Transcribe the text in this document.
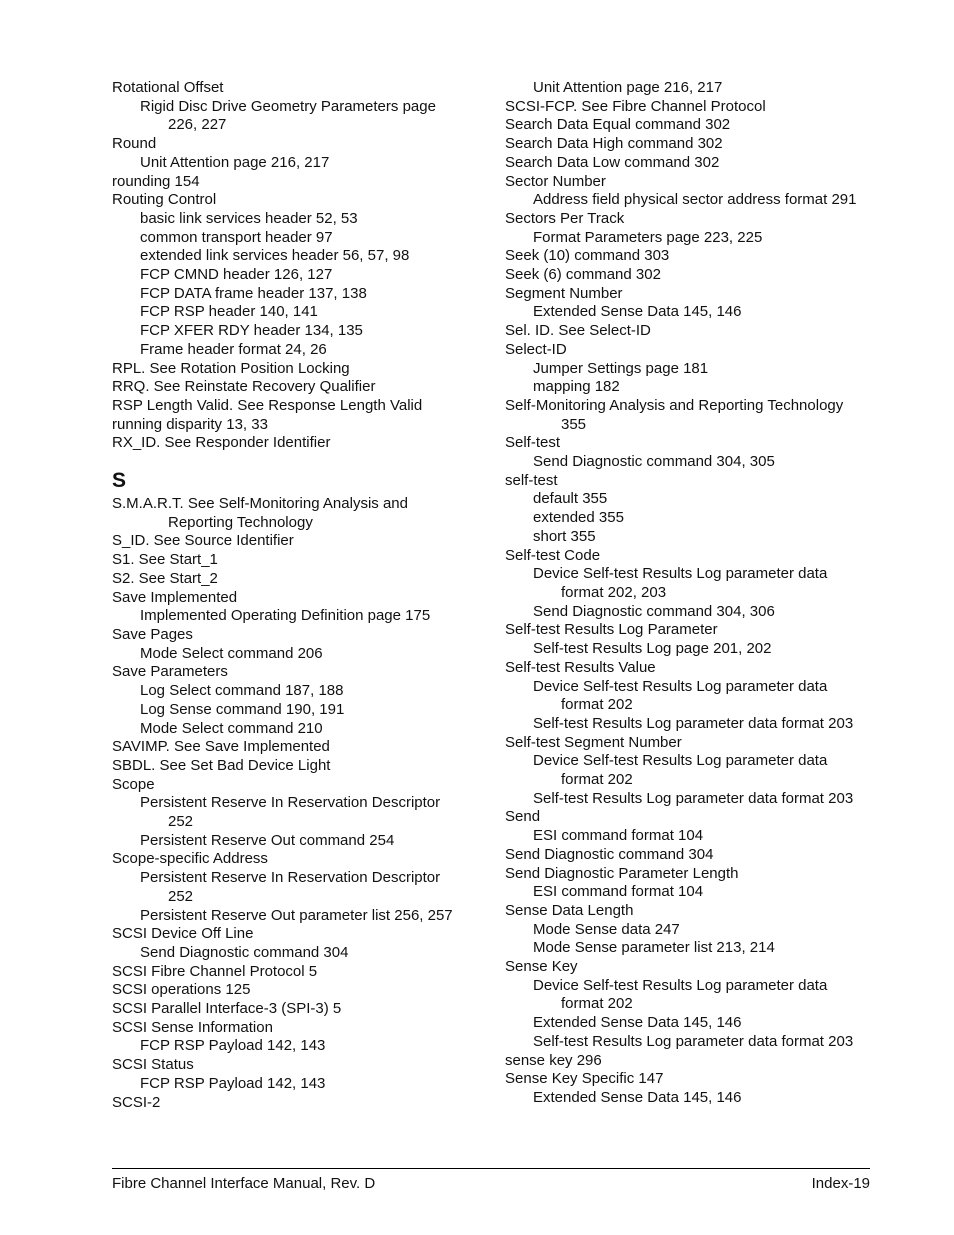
Rotational Offset
Rigid Disc Drive Geometry Parameters page
226, 227
Round
Unit Attention page 216, 217
rounding 154
Routing Control
basic link services header 52, 53
common transport header 97
extended link services header 56, 57, 98
FCP CMND header 126, 127
FCP DATA frame header 137, 138
FCP RSP header 140, 141
FCP XFER RDY header 134, 135
Frame header format 24, 26
RPL. See Rotation Position Locking
RRQ. See Reinstate Recovery Qualifier
RSP Length Valid. See Response Length Valid
running disparity 13, 33
RX_ID. See Responder Identifier
S
S.M.A.R.T. See Self-Monitoring Analysis and
Reporting Technology
S_ID. See Source Identifier
S1. See Start_1
S2. See Start_2
Save Implemented
Implemented Operating Definition page 175
Save Pages
Mode Select command 206
Save Parameters
Log Select command 187, 188
Log Sense command 190, 191
Mode Select command 210
SAVIMP. See Save Implemented
SBDL. See Set Bad Device Light
Scope
Persistent Reserve In Reservation Descriptor
252
Persistent Reserve Out command 254
Scope-specific Address
Persistent Reserve In Reservation Descriptor
252
Persistent Reserve Out parameter list 256, 257
SCSI Device Off Line
Send Diagnostic command 304
SCSI Fibre Channel Protocol 5
SCSI operations 125
SCSI Parallel Interface-3 (SPI-3) 5
SCSI Sense Information
FCP RSP Payload 142, 143
SCSI Status
FCP RSP Payload 142, 143
SCSI-2
Unit Attention page 216, 217
SCSI-FCP. See Fibre Channel Protocol
Search Data Equal command 302
Search Data High command 302
Search Data Low command 302
Sector Number
Address field physical sector address format 291
Sectors Per Track
Format Parameters page 223, 225
Seek (10) command 303
Seek (6) command 302
Segment Number
Extended Sense Data 145, 146
Sel. ID. See Select-ID
Select-ID
Jumper Settings page 181
mapping 182
Self-Monitoring Analysis and Reporting Technology
355
Self-test
Send Diagnostic command 304, 305
self-test
default 355
extended 355
short 355
Self-test Code
Device Self-test Results Log parameter data
format 202, 203
Send Diagnostic command 304, 306
Self-test Results Log Parameter
Self-test Results Log page 201, 202
Self-test Results Value
Device Self-test Results Log parameter data
format 202
Self-test Results Log parameter data format 203
Self-test Segment Number
Device Self-test Results Log parameter data
format 202
Self-test Results Log parameter data format 203
Send
ESI command format 104
Send Diagnostic command 304
Send Diagnostic Parameter Length
ESI command format 104
Sense Data Length
Mode Sense data 247
Mode Sense parameter list 213, 214
Sense Key
Device Self-test Results Log parameter data
format 202
Extended Sense Data 145, 146
Self-test Results Log parameter data format 203
sense key 296
Sense Key Specific 147
Extended Sense Data 145, 146
Fibre Channel Interface Manual, Rev. D	Index-19
